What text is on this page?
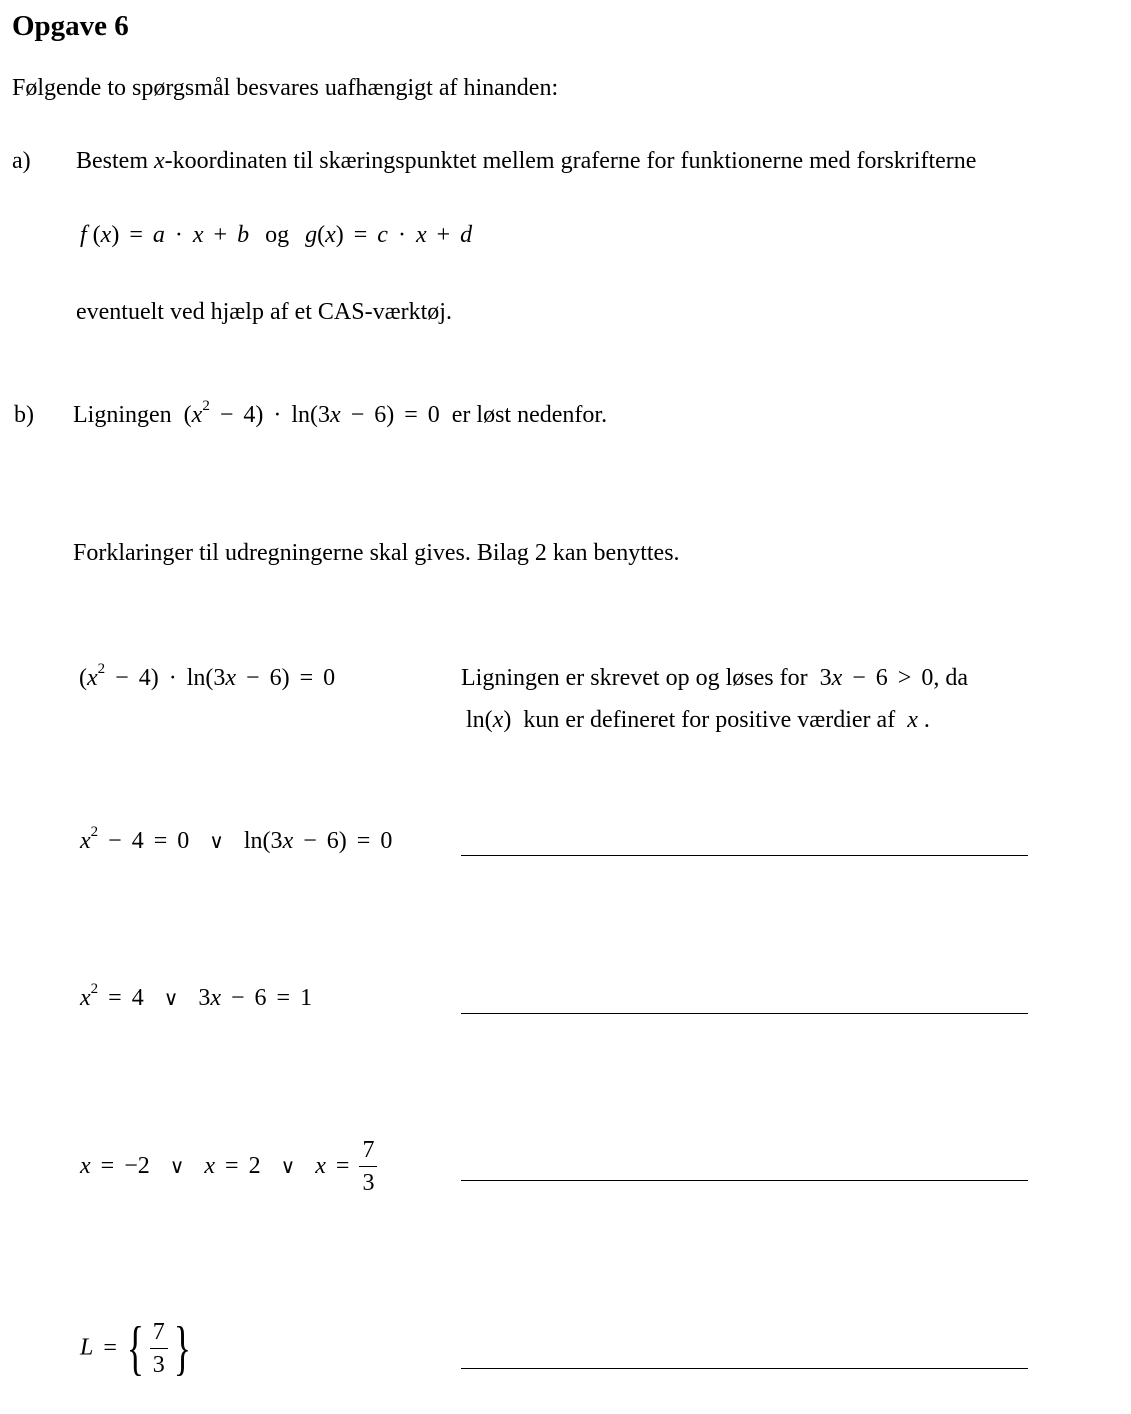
Opgave 6
Følgende to spørgsmål besvares uafhængigt af hinanden:
a) Bestem x-koordinaten til skæringspunktet mellem graferne for funktionerne med forskrifterne
f (x) = a · x + b og g(x) = c · x + d
eventuelt ved hjælp af et CAS-værktøj.
b) Ligningen $(x^2 - 4) \cdot \ln(3x - 6) = 0$ er løst nedenfor.
Forklaringer til udregningerne skal gives. Bilag 2 kan benyttes.
$(x^2 - 4) \cdot \ln(3x - 6) = 0$	Ligningen er skrevet op og løses for 3x − 6 > 0, da
ln(x) kun er defineret for positive værdier af x .
$x^2 - 4 = 0$ ∨ ln(3x − 6) = 0
$x^2 = 4$ ∨ 3x − 6 = 1
x = −2 ∨ x = 2 ∨ $x = \frac{7}{3}$
L = { $\frac{7}{3}$ }
